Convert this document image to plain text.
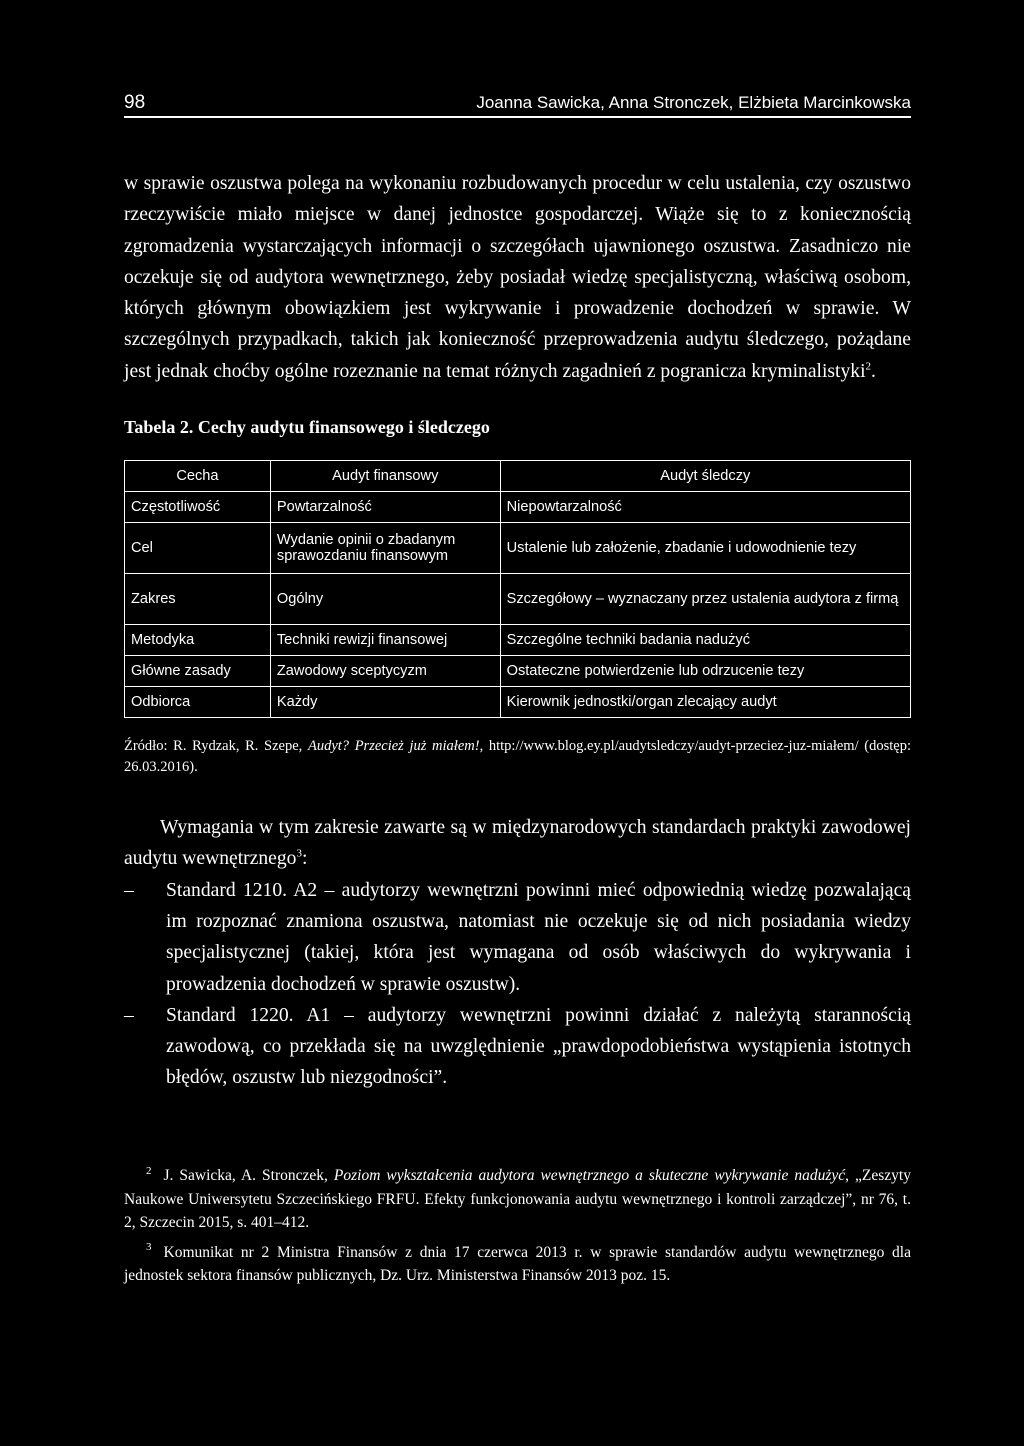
98	Joanna Sawicka, Anna Stronczek, Elżbieta Marcinkowska

w sprawie oszustwa polega na wykonaniu rozbudowanych procedur w celu ustalenia, czy oszustwo rzeczywiście miało miejsce w danej jednostce gospodarczej. Wiąże się to z koniecznością zgromadzenia wystarczających informacji o szczegółach ujawnionego oszustwa. Zasadniczo nie oczekuje się od audytora wewnętrznego, żeby posiadał wiedzę specjalistyczną, właściwą osobom, których głównym obowiązkiem jest wykrywanie i prowadzenie dochodzeń w sprawie. W szczególnych przypadkach, takich jak konieczność przeprowadzenia audytu śledczego, pożądane jest jednak choćby ogólne rozeznanie na temat różnych zagadnień z pogranicza kryminalistyki$^2$.

Tabela 2. Cechy audytu finansowego i śledczego
Cecha	Audyt finansowy	Audyt śledczy
Częstotliwość	Powtarzalność	Niepowtarzalność
Cel	Wydanie opinii o zbadanym sprawozdaniu finansowym	Ustalenie lub założenie, zbadanie i udowodnienie tezy
Zakres	Ogólny	Szczegółowy – wyznaczany przez ustalenia audytora z firmą
Metodyka	Techniki rewizji finansowej	Szczególne techniki badania nadużyć
Główne zasady	Zawodowy sceptycyzm	Ostateczne potwierdzenie lub odrzucenie tezy
Odbiorca	Każdy	Kierownik jednostki/organ zlecający audyt
Źródło: R. Rydzak, R. Szepe, Audyt? Przecież już miałem!, http://www.blog.ey.pl/audytsledczy/audyt-przeciez-juz-miałem/ (dostęp: 26.03.2016).

Wymagania w tym zakresie zawarte są w międzynarodowych standardach praktyki zawodowej audytu wewnętrznego$^3$:

– Standard 1210. A2 – audytorzy wewnętrzni powinni mieć odpowiednią wiedzę pozwalającą im rozpoznać znamiona oszustwa, natomiast nie oczekuje się od nich posiadania wiedzy specjalistycznej (takiej, która jest wymagana od osób właściwych do wykrywania i prowadzenia dochodzeń w sprawie oszustw).
– Standard 1220. A1 – audytorzy wewnętrzni powinni działać z należytą starannością zawodową, co przekłada się na uwzględnienie „prawdopodobieństwa wystąpienia istotnych błędów, oszustw lub niezgodności”.

$^2$ J. Sawicka, A. Stronczek, Poziom wykształcenia audytora wewnętrznego a skuteczne wykrywanie nadużyć, „Zeszyty Naukowe Uniwersytetu Szczecińskiego FRFU. Efekty funkcjonowania audytu wewnętrznego i kontroli zarządczej”, nr 76, t. 2, Szczecin 2015, s. 401–412.

$^3$ Komunikat nr 2 Ministra Finansów z dnia 17 czerwca 2013 r. w sprawie standardów audytu wewnętrznego dla jednostek sektora finansów publicznych, Dz. Urz. Ministerstwa Finansów 2013 poz. 15.
